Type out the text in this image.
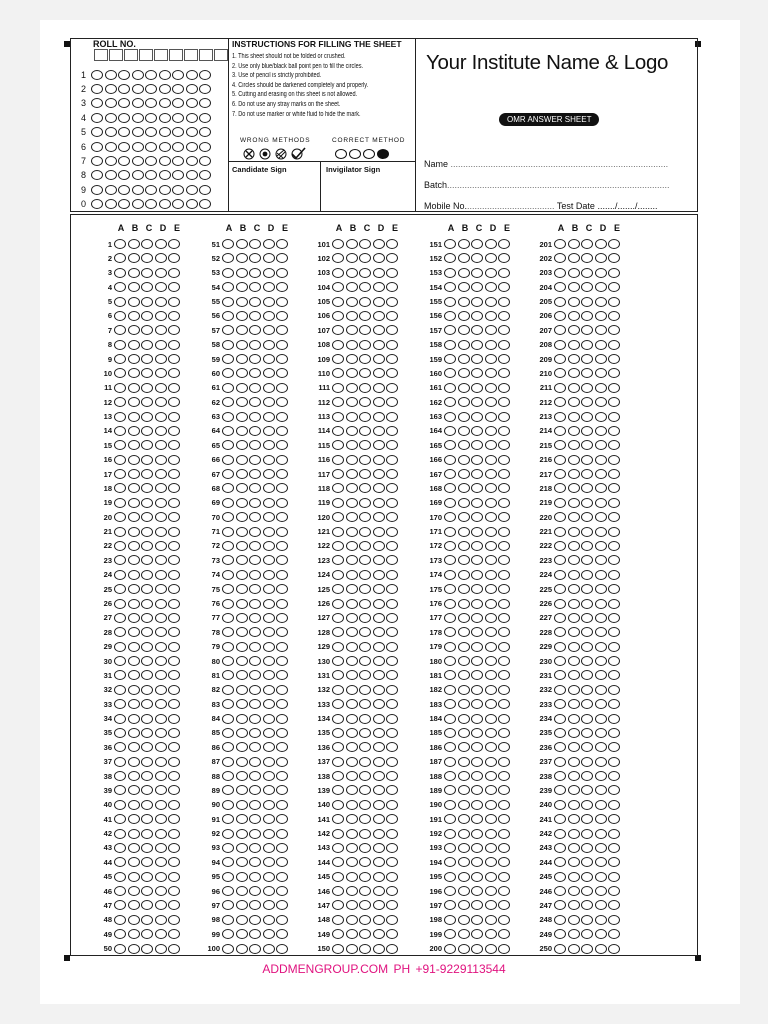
ROLL NO.
1
2
3
4
5
6
7
8
9
0
INSTRUCTIONS FOR FILLING THE SHEET
1. This sheet should not be folded or crushed.
2. Use only blue/black ball point pen to fill the circles.
3. Use of pencil is strictly prohibited.
4. Circles should be darkened completely and properly.
5. Cutting and erasing on this sheet is not allowed.
6. Do not use any stray marks on the sheet.
7. Do not use marker or white fluid to hide the mark.
WRONG METHODS	CORRECT METHOD
Candidate Sign	Invigilator Sign
Your Institute Name & Logo
OMR ANSWER SHEET
Name .......................................................................................
Batch.........................................................................................
Mobile No.................................... Test Date ......./......./........
A B C D E
1
2
3
4
5
6
7
8
9
10
11
12
13
14
15
16
17
18
19
20
21
22
23
24
25
26
27
28
29
30
31
32
33
34
35
36
37
38
39
40
41
42
43
44
45
46
47
48
49
50
A B C D E
51
52
53
54
55
56
57
58
59
60
61
62
63
64
65
66
67
68
69
70
71
72
73
74
75
76
77
78
79
80
81
82
83
84
85
86
87
88
89
90
91
92
93
94
95
96
97
98
99
100
A B C D E
101
102
103
104
105
106
107
108
109
110
111
112
113
114
115
116
117
118
119
120
121
122
123
124
125
126
127
128
129
130
131
132
133
134
135
136
137
138
139
140
141
142
143
144
145
146
147
148
149
150
A B C D E
151
152
153
154
155
156
157
158
159
160
161
162
163
164
165
166
167
168
169
170
171
172
173
174
175
176
177
178
179
180
181
182
183
184
185
186
187
188
189
190
191
192
193
194
195
196
197
198
199
200
A B C D E
201
202
203
204
205
206
207
208
209
210
211
212
213
214
215
216
217
218
219
220
221
222
223
224
225
226
227
228
229
230
231
232
233
234
235
236
237
238
239
240
241
242
243
244
245
246
247
248
249
250
ADDMENGROUP.COM PH +91-9229113544
